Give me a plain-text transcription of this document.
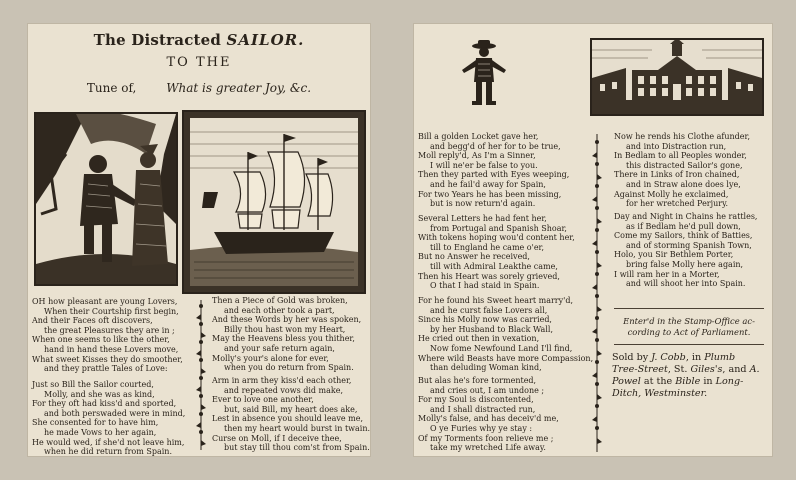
The Distracted SAILOR.
TO THE
Tune of, What is greater Joy, &c.
OH how pleasant are young Lovers,
When their Courtship first begin,
And their Faces oft discovers,
the great Pleasures they are in ;
When one seems to like the other,
hand in hand these Lovers move,
What sweet Kisses they do smoother,
and they prattle Tales of Love:
Just so Bill the Sailor courted,
Molly, and she was as kind,
For they oft had kiss'd and sported,
and both perswaded were in mind,
She consented for to have him,
he made Vows to her again,
He would wed, if she'd not leave him,
when he did return from Spain.
Then a Piece of Gold was broken,
and each other took a part,
And these Words by her was spoken,
Billy thou hast won my Heart,
May the Heavens bless you thither,
and your safe return again,
Molly's your's alone for ever,
when you do return from Spain.
Arm in arm they kiss'd each other,
and repeated vows did make,
Ever to love one another,
but, said Bill, my heart does ake,
Lest in absence you should leave me,
then my heart would burst in twain.
Curse on Moll, if I deceive thee,
but stay till thou com'st from Spain.
Bill a golden Locket gave her,
and begg'd of her for to be true,
Moll reply'd, As I'm a Sinner,
I will ne'er be false to you.
Then they parted with Eyes weeping,
and he fail'd away for Spain,
For two Years he has been missing,
but is now return'd again.
Several Letters he had fent her,
from Portugal and Spanish Shoar,
With tokens hoping wou'd content her,
till to England he came o'er,
But no Answer he received,
till with Admiral Leakthe came,
Then his Heart was sorely grieved,
O that I had staid in Spain.
For he found his Sweet heart marry'd,
and he curst false Lovers all,
Since his Molly now was carried,
by her Husband to Black Wall,
He cried out then in vexation,
Now fome Newfound Land I'll find,
Where wild Beasts have more Compassion,
than deluding Woman kind,
But alas he's fore tormented,
and cries out, I am undone ;
For my Soul is discontented,
and I shall distracted run,
Molly's false, and has deceiv'd me,
O ye Furies why ye stay :
Of my Torments foon relieve me ;
take my wretched Life away.
Now he rends his Clothe afunder,
and into Distraction run,
In Bedlam to all Peoples wonder,
this distracted Sailor's gone,
There in Links of Iron chained,
and in Straw alone does lye,
Against Molly he exclaimed,
for her wretched Perjury.
Day and Night in Chains he rattles,
as if Bedlam he'd pull down,
Come my Sailors, think of Batties,
and of storming Spanish Town,
Holo, you Sir Bethlem Porter,
bring false Molly here again,
I will ram her in a Morter,
and will shoot her into Spain.
Enter'd in the Stamp-Office according to Act of Parliament.
Sold by J. Cobb, in Plumb
Tree-Street, St. Giles's, and A.
Powel at the Bible in Long-
Ditch, Westminster.
